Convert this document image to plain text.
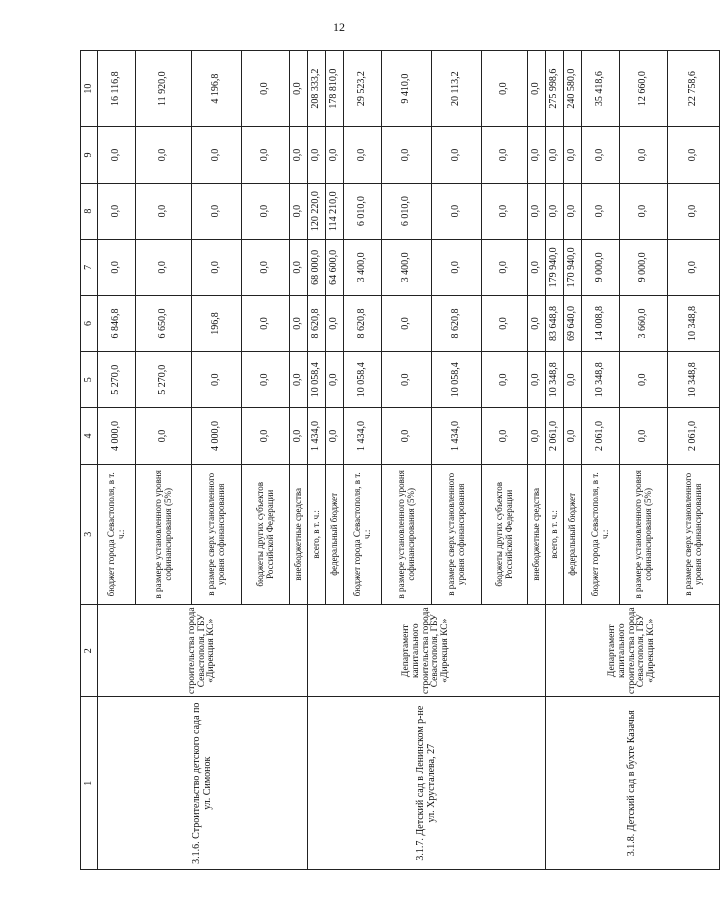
12
1	2	3	4	5	6	7	8	9	10
3.1.6. Строительство детского сада по ул. Симонок	строительства города Севастополя, ГБУ «Дирекция КС»	бюджет города Севастополя, в т. ч.:	4 000,0	5 270,0	6 846,8	0,0	0,0	0,0	16 116,8
		в размере установленного уровня софинансирования (5%)	0,0	5 270,0	6 650,0	0,0	0,0	0,0	11 920,0
		в размере сверх установленного уровня софинансирования	4 000,0	0,0	196,8	0,0	0,0	0,0	4 196,8
		бюджеты других субъектов Российской Федерации	0,0	0,0	0,0	0,0	0,0	0,0	0,0
		внебюджетные средства	0,0	0,0	0,0	0,0	0,0	0,0	0,0
3.1.7. Детский сад в Ленинском р-не ул. Хрусталева, 27	Департамент капитального строительства города Севастополя, ГБУ «Дирекция КС»	всего, в т. ч.:	1 434,0	10 058,4	8 620,8	68 000,0	120 220,0	0,0	208 333,2
		федеральный бюджет	0,0	0,0	0,0	64 600,0	114 210,0	0,0	178 810,0
		бюджет города Севастополя, в т. ч.:	1 434,0	10 058,4	8 620,8	3 400,0	6 010,0	0,0	29 523,2
		в размере установленного уровня софинансирования (5%)	0,0	0,0	0,0	3 400,0	6 010,0	0,0	9 410,0
		в размере сверх установленного уровня софинансирования	1 434,0	10 058,4	8 620,8	0,0	0,0	0,0	20 113,2
		бюджеты других субъектов Российской Федерации	0,0	0,0	0,0	0,0	0,0	0,0	0,0
		внебюджетные средства	0,0	0,0	0,0	0,0	0,0	0,0	0,0
3.1.8. Детский сад в бухте Казачья	Департамент капитального строительства города Севастополя, ГБУ «Дирекция КС»	всего, в т. ч.:	2 061,0	10 348,8	83 648,8	179 940,0	0,0	0,0	275 998,6
		федеральный бюджет	0,0	0,0	69 640,0	170 940,0	0,0	0,0	240 580,0
		бюджет города Севастополя, в т. ч.:	2 061,0	10 348,8	14 008,8	9 000,0	0,0	0,0	35 418,6
		в размере установленного уровня софинансирования (5%)	0,0	0,0	3 660,0	9 000,0	0,0	0,0	12 660,0
		в размере сверх установленного уровня софинансирования	2 061,0	10 348,8	10 348,8	0,0	0,0	0,0	22 758,6
